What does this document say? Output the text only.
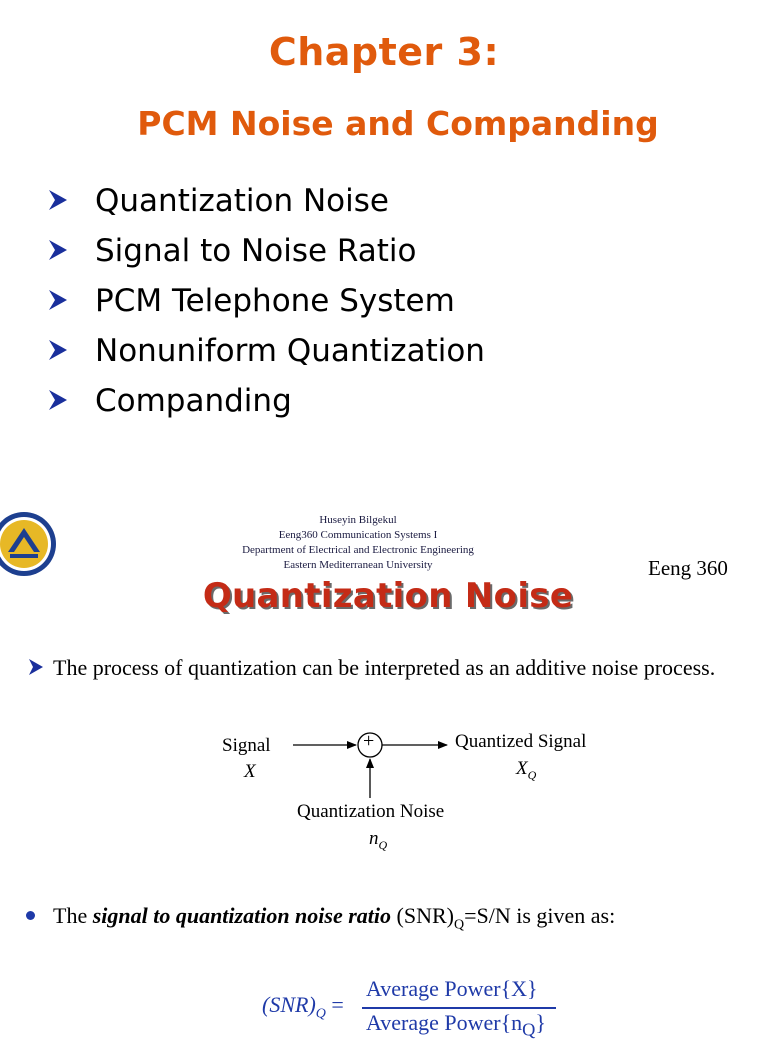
Chapter 3:
PCM Noise and Companding
Quantization Noise
Signal to Noise Ratio
PCM Telephone System
Nonuniform Quantization
Companding
Huseyin Bilgekul
Eeng360 Communication Systems I
Department of Electrical and Electronic Engineering
Eastern Mediterranean University	Eeng 360
Quantization Noise
The process of quantization can be interpreted as an additive noise process.
+
Signal
X
Quantized Signal
$X_Q$
Quantization Noise
$n_Q$
The signal to quantization noise ratio $(SNR)_Q=S/N$ is given as:
$(SNR)_Q$ =
Average Power{X}
Average $Power\{n_Q\}$
